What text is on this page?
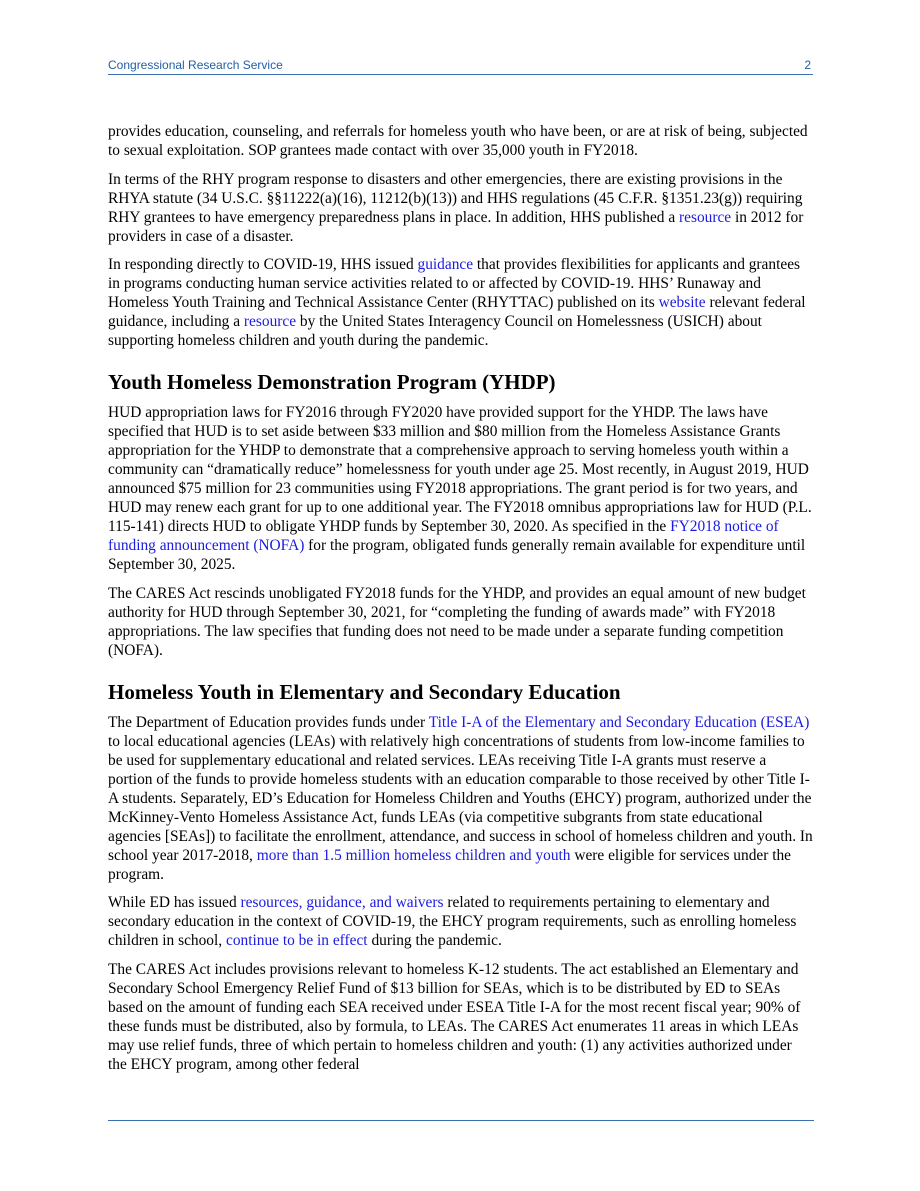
Congressional Research Service	2

provides education, counseling, and referrals for homeless youth who have been, or are at risk of being, subjected to sexual exploitation. SOP grantees made contact with over 35,000 youth in FY2018.

In terms of the RHY program response to disasters and other emergencies, there are existing provisions in the RHYA statute (34 U.S.C. §§11222(a)(16), 11212(b)(13)) and HHS regulations (45 C.F.R. §1351.23(g)) requiring RHY grantees to have emergency preparedness plans in place. In addition, HHS published a resource in 2012 for providers in case of a disaster.

In responding directly to COVID-19, HHS issued guidance that provides flexibilities for applicants and grantees in programs conducting human service activities related to or affected by COVID-19. HHS’ Runaway and Homeless Youth Training and Technical Assistance Center (RHYTTAC) published on its website relevant federal guidance, including a resource by the United States Interagency Council on Homelessness (USICH) about supporting homeless children and youth during the pandemic.

Youth Homeless Demonstration Program (YHDP)

HUD appropriation laws for FY2016 through FY2020 have provided support for the YHDP. The laws have specified that HUD is to set aside between $33 million and $80 million from the Homeless Assistance Grants appropriation for the YHDP to demonstrate that a comprehensive approach to serving homeless youth within a community can “dramatically reduce” homelessness for youth under age 25. Most recently, in August 2019, HUD announced $75 million for 23 communities using FY2018 appropriations. The grant period is for two years, and HUD may renew each grant for up to one additional year. The FY2018 omnibus appropriations law for HUD (P.L. 115-141) directs HUD to obligate YHDP funds by September 30, 2020. As specified in the FY2018 notice of funding announcement (NOFA) for the program, obligated funds generally remain available for expenditure until September 30, 2025.

The CARES Act rescinds unobligated FY2018 funds for the YHDP, and provides an equal amount of new budget authority for HUD through September 30, 2021, for “completing the funding of awards made” with FY2018 appropriations. The law specifies that funding does not need to be made under a separate funding competition (NOFA).

Homeless Youth in Elementary and Secondary Education

The Department of Education provides funds under Title I-A of the Elementary and Secondary Education (ESEA) to local educational agencies (LEAs) with relatively high concentrations of students from low-income families to be used for supplementary educational and related services. LEAs receiving Title I-A grants must reserve a portion of the funds to provide homeless students with an education comparable to those received by other Title I-A students. Separately, ED’s Education for Homeless Children and Youths (EHCY) program, authorized under the McKinney-Vento Homeless Assistance Act, funds LEAs (via competitive subgrants from state educational agencies [SEAs]) to facilitate the enrollment, attendance, and success in school of homeless children and youth. In school year 2017-2018, more than 1.5 million homeless children and youth were eligible for services under the program.

While ED has issued resources, guidance, and waivers related to requirements pertaining to elementary and secondary education in the context of COVID-19, the EHCY program requirements, such as enrolling homeless children in school, continue to be in effect during the pandemic.

The CARES Act includes provisions relevant to homeless K-12 students. The act established an Elementary and Secondary School Emergency Relief Fund of $13 billion for SEAs, which is to be distributed by ED to SEAs based on the amount of funding each SEA received under ESEA Title I-A for the most recent fiscal year; 90% of these funds must be distributed, also by formula, to LEAs. The CARES Act enumerates 11 areas in which LEAs may use relief funds, three of which pertain to homeless children and youth: (1) any activities authorized under the EHCY program, among other federal
